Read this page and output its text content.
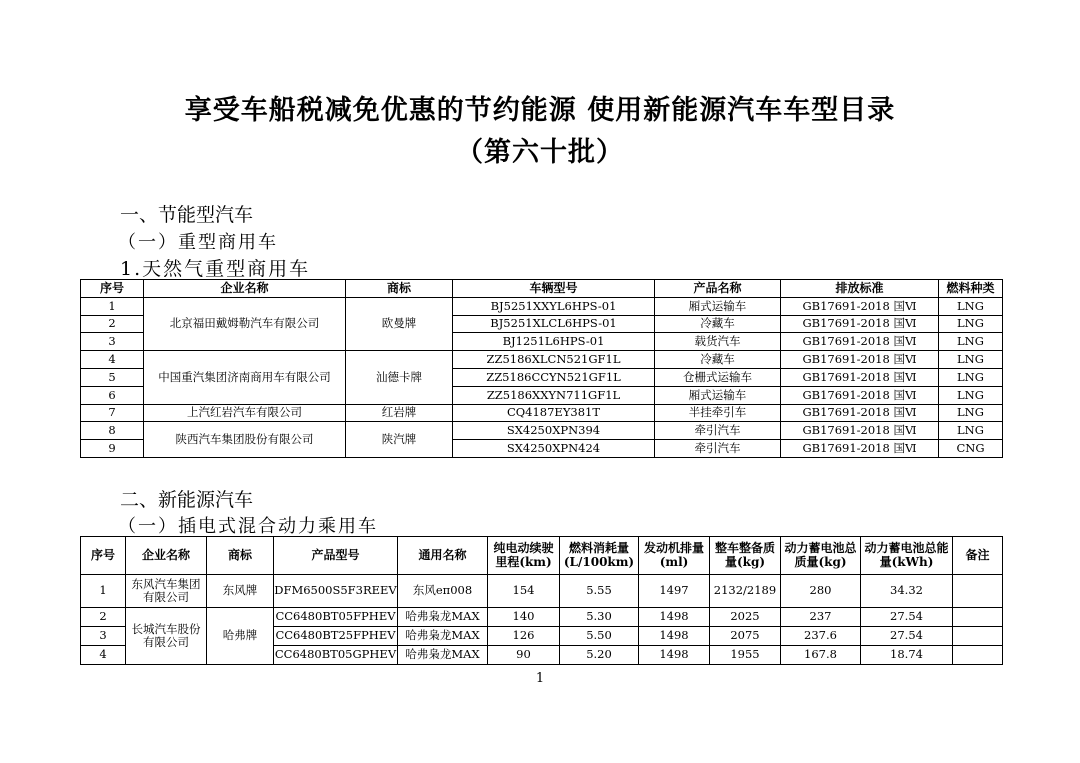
享受车船税减免优惠的节约能源 使用新能源汽车车型目录
（第六十批）
一、节能型汽车
（一）重型商用车
1.天然气重型商用车
序号	企业名称	商标	车辆型号	产品名称	排放标准	燃料种类
1	北京福田戴姆勒汽车有限公司	欧曼牌	BJ5251XXYL6HPS-01	厢式运输车	GB17691-2018 国Ⅵ	LNG
2			BJ5251XLCL6HPS-01	冷藏车	GB17691-2018 国Ⅵ	LNG
3			BJ1251L6HPS-01	载货汽车	GB17691-2018 国Ⅵ	LNG
4	中国重汽集团济南商用车有限公司	汕德卡牌	ZZ5186XLCN521GF1L	冷藏车	GB17691-2018 国Ⅵ	LNG
5			ZZ5186CCYN521GF1L	仓栅式运输车	GB17691-2018 国Ⅵ	LNG
6			ZZ5186XXYN711GF1L	厢式运输车	GB17691-2018 国Ⅵ	LNG
7	上汽红岩汽车有限公司	红岩牌	CQ4187EY381T	半挂牵引车	GB17691-2018 国Ⅵ	LNG
8	陕西汽车集团股份有限公司	陕汽牌	SX4250XPN394	牵引汽车	GB17691-2018 国Ⅵ	LNG
9			SX4250XPN424	牵引汽车	GB17691-2018 国Ⅵ	CNG
二、新能源汽车
（一）插电式混合动力乘用车
序号	企业名称	商标	产品型号	通用名称	纯电动续驶里程(km)	燃料消耗量(L/100km)	发动机排量(ml)	整车整备质量(kg)	动力蓄电池总质量(kg)	动力蓄电池总能量(kWh)	备注
1	东风汽车集团有限公司	东风牌	DFM6500S5F3REEV	东风eπ008	154	5.55	1497	2132/2189	280	34.32	
2	长城汽车股份有限公司	哈弗牌	CC6480BT05FPHEV	哈弗枭龙MAX	140	5.30	1498	2025	237	27.54	
3			CC6480BT25FPHEV	哈弗枭龙MAX	126	5.50	1498	2075	237.6	27.54	
4			CC6480BT05GPHEV	哈弗枭龙MAX	90	5.20	1498	1955	167.8	18.74	
1
